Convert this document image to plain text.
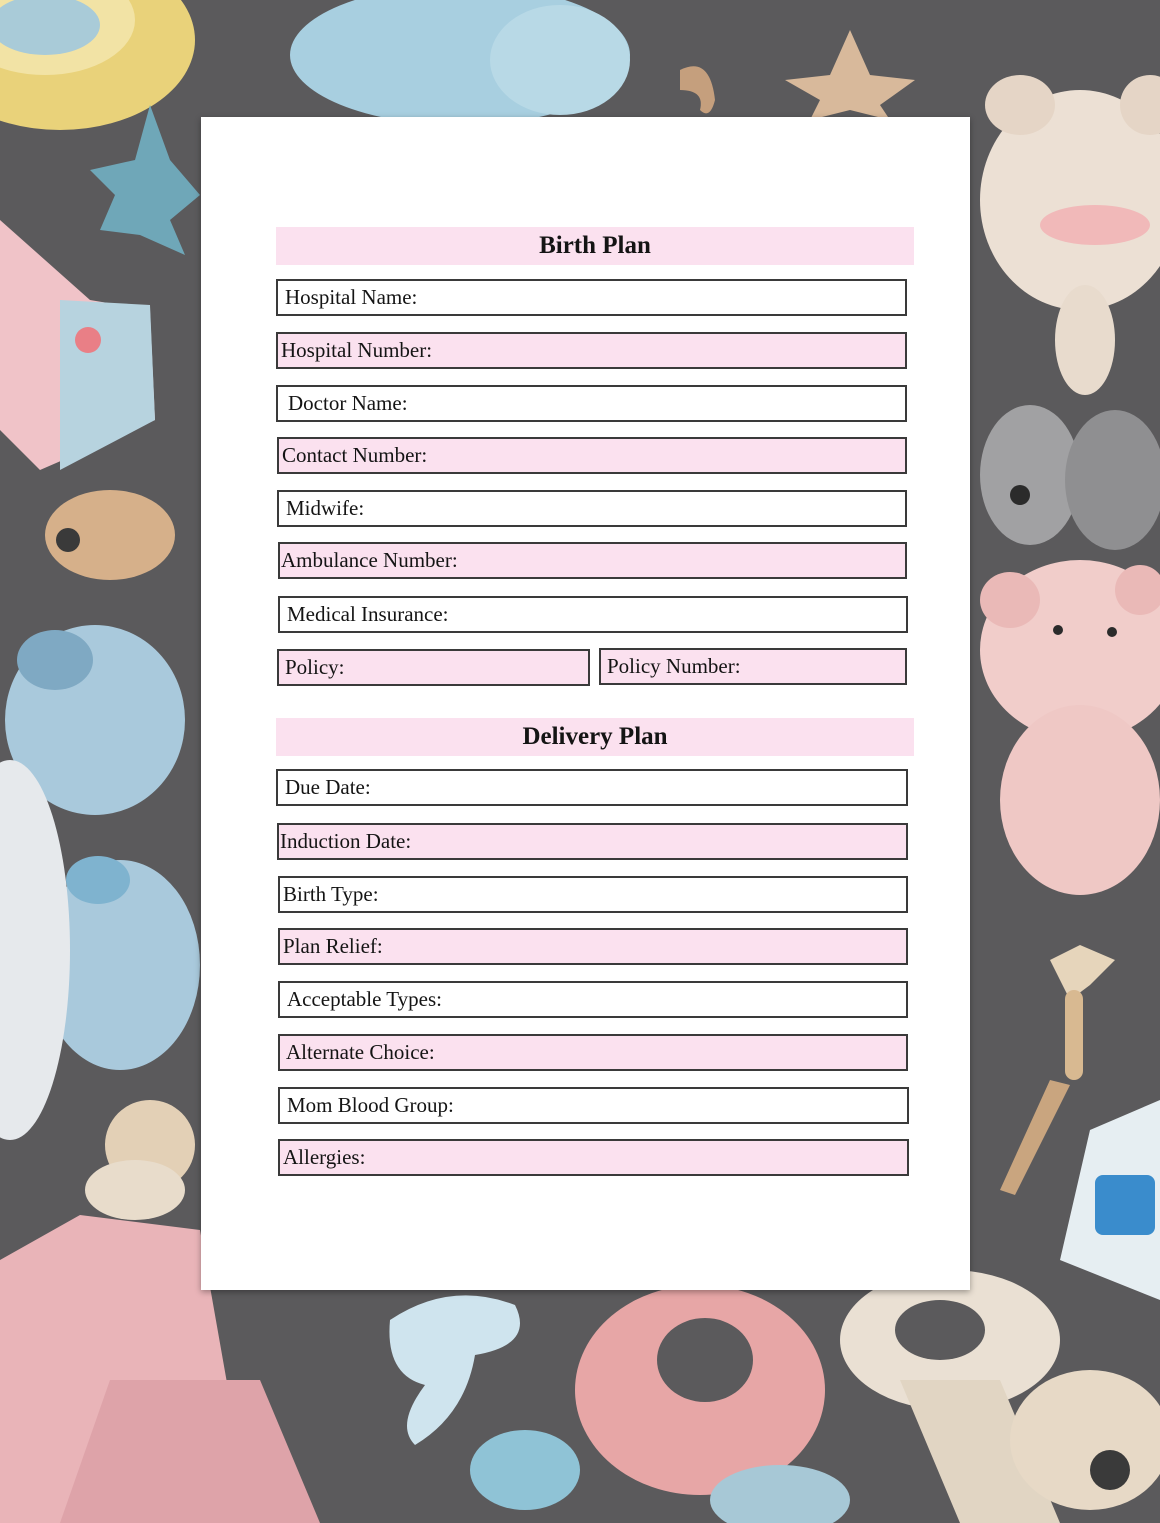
Birth Plan
Hospital Name:
Hospital Number:
Doctor Name:
Contact Number:
Midwife:
Ambulance Number:
Medical Insurance:
Policy:	Policy Number:
Delivery Plan
Due Date:
Induction Date:
Birth Type:
Plan Relief:
Acceptable Types:
Alternate Choice:
Mom Blood Group:
Allergies:
